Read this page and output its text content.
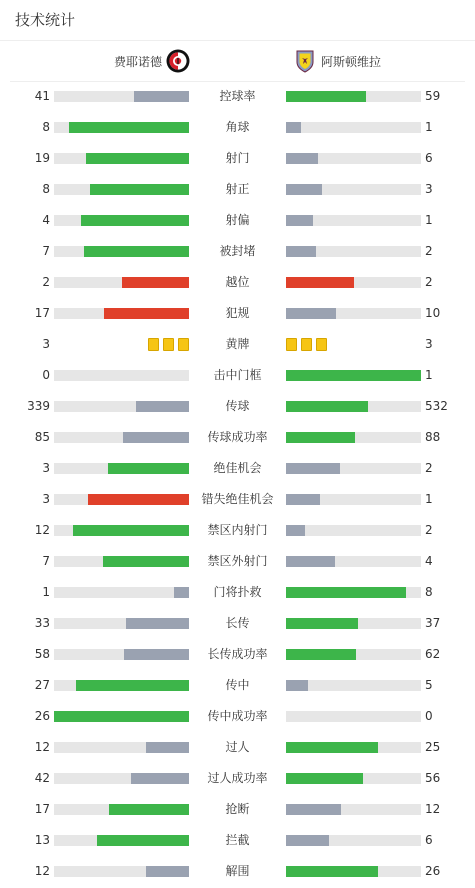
技术统计
费耶诺德	阿斯顿维拉
41	控球率	59
8	角球	1
19	射门	6
8	射正	3
4	射偏	1
7	被封堵	2
2	越位	2
17	犯规	10
3	黄牌	3
0	击中门框	1
339	传球	532
85	传球成功率	88
3	绝佳机会	2
3	错失绝佳机会	1
12	禁区内射门	2
7	禁区外射门	4
1	门将扑救	8
33	长传	37
58	长传成功率	62
27	传中	5
26	传中成功率	0
12	过人	25
42	过人成功率	56
17	抢断	12
13	拦截	6
12	解围	26
